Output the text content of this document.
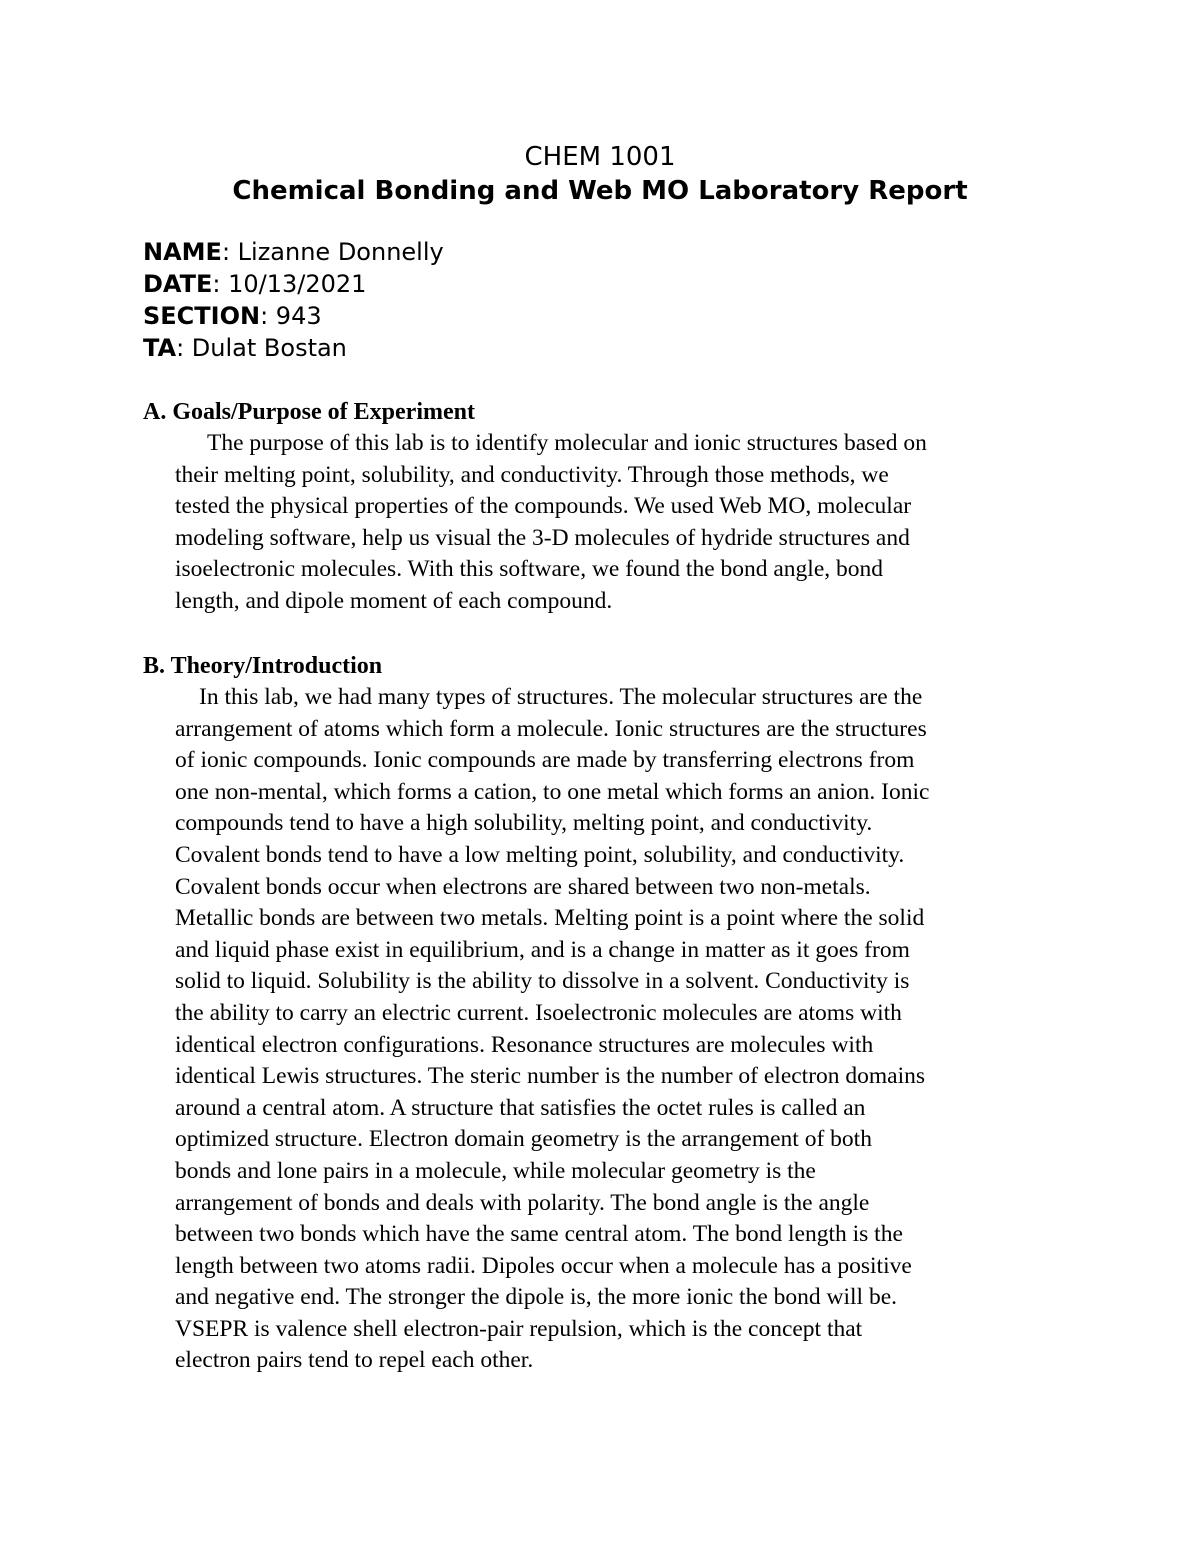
CHEM 1001
Chemical Bonding and Web MO Laboratory Report
NAME: Lizanne Donnelly
DATE: 10/13/2021
SECTION: 943
TA: Dulat Bostan
A. Goals/Purpose of Experiment
The purpose of this lab is to identify molecular and ionic structures based on
their melting point, solubility, and conductivity. Through those methods, we
tested the physical properties of the compounds. We used Web MO, molecular
modeling software, help us visual the 3-D molecules of hydride structures and
isoelectronic molecules. With this software, we found the bond angle, bond
length, and dipole moment of each compound.
B. Theory/Introduction
In this lab, we had many types of structures. The molecular structures are the
arrangement of atoms which form a molecule. Ionic structures are the structures
of ionic compounds. Ionic compounds are made by transferring electrons from
one non-mental, which forms a cation, to one metal which forms an anion. Ionic
compounds tend to have a high solubility, melting point, and conductivity.
Covalent bonds tend to have a low melting point, solubility, and conductivity.
Covalent bonds occur when electrons are shared between two non-metals.
Metallic bonds are between two metals. Melting point is a point where the solid
and liquid phase exist in equilibrium, and is a change in matter as it goes from
solid to liquid. Solubility is the ability to dissolve in a solvent. Conductivity is
the ability to carry an electric current. Isoelectronic molecules are atoms with
identical electron configurations. Resonance structures are molecules with
identical Lewis structures. The steric number is the number of electron domains
around a central atom. A structure that satisfies the octet rules is called an
optimized structure. Electron domain geometry is the arrangement of both
bonds and lone pairs in a molecule, while molecular geometry is the
arrangement of bonds and deals with polarity. The bond angle is the angle
between two bonds which have the same central atom. The bond length is the
length between two atoms radii. Dipoles occur when a molecule has a positive
and negative end. The stronger the dipole is, the more ionic the bond will be.
VSEPR is valence shell electron-pair repulsion, which is the concept that
electron pairs tend to repel each other.
